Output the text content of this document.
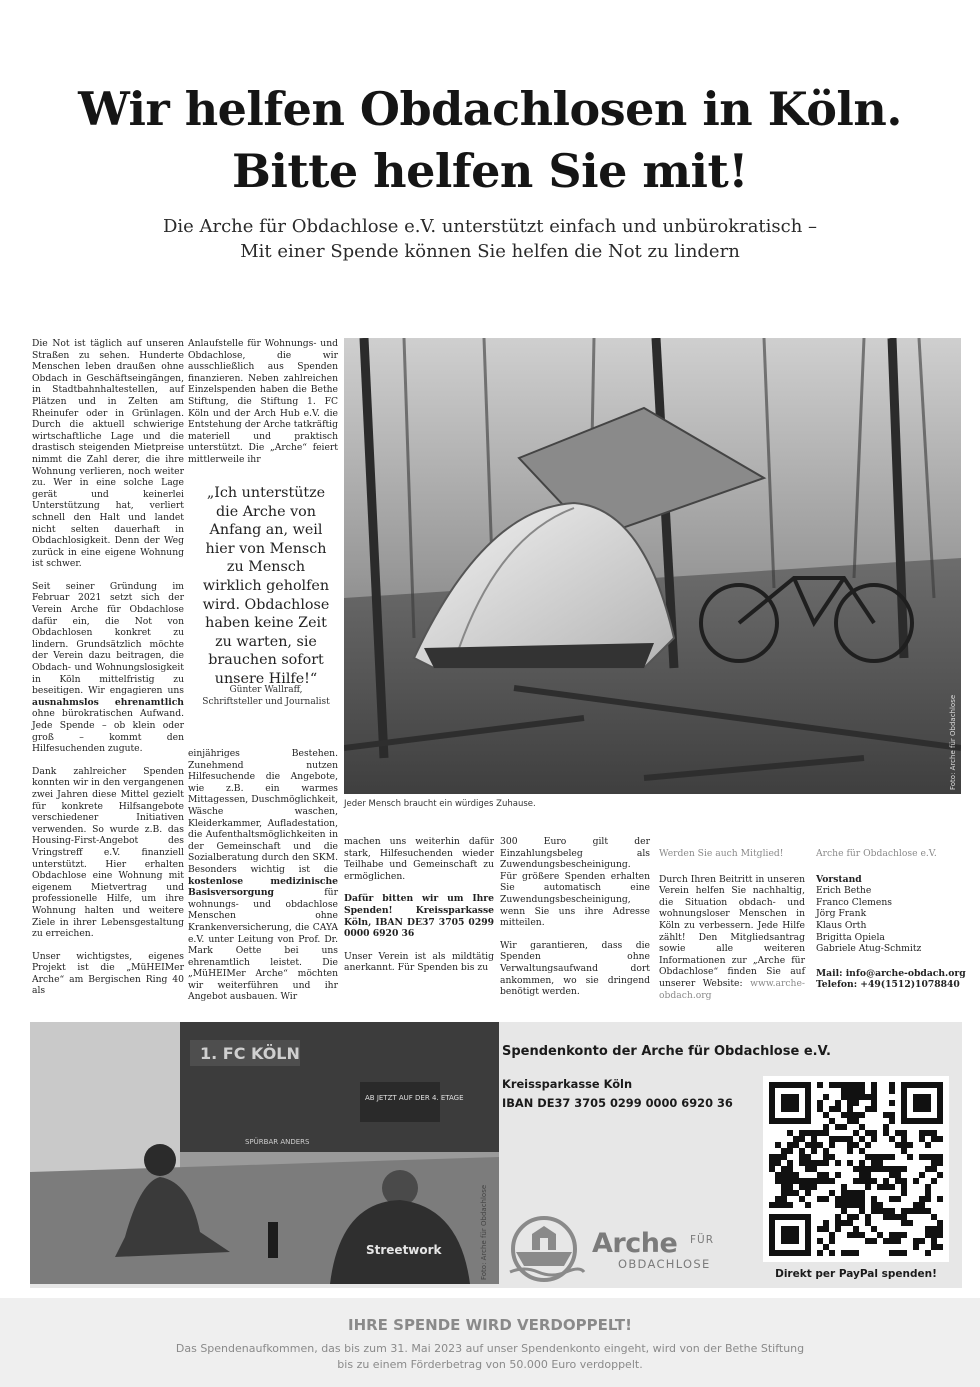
Wir helfen Obdachlosen in Köln.
Bitte helfen Sie mit!
Die Arche für Obdachlose e.V. unterstützt einfach und unbürokratisch –
Mit einer Spende können Sie helfen die Not zu lindern

Die Not ist täglich auf unseren Straßen zu sehen. Hunderte Menschen leben draußen ohne Obdach in Geschäftseingängen, in Stadtbahnhaltestellen, auf Plätzen und in Zelten am Rheinufer oder in Grünlagen. Durch die aktuell schwierige wirtschaftliche Lage und die drastisch steigenden Mietpreise nimmt die Zahl derer, die ihre Wohnung verlieren, noch weiter zu. Wer in eine solche Lage gerät und keinerlei Unterstützung hat, verliert schnell den Halt und landet nicht selten dauerhaft in Obdachlosigkeit. Denn der Weg zurück in eine eigene Wohnung ist schwer.

Seit seiner Gründung im Februar 2021 setzt sich der Verein Arche für Obdachlose dafür ein, die Not von Obdachlosen konkret zu lindern. Grundsätzlich möchte der Verein dazu beitragen, die Obdach- und Wohnungslosigkeit in Köln mittelfristig zu beseitigen. Wir engagieren uns ausnahmslos ehrenamtlich ohne bürokratischen Aufwand. Jede Spende – ob klein oder groß – kommt den Hilfesuchenden zugute.

Dank zahlreicher Spenden konnten wir in den vergangenen zwei Jahren diese Mittel gezielt für konkrete Hilfsangebote verschiedener Initiativen verwenden. So wurde z.B. das Housing-First-Angebot des Vringstreff e.V. finanziell unterstützt. Hier erhalten Obdachlose eine Wohnung mit eigenem Mietvertrag und professionelle Hilfe, um ihre Wohnung halten und weitere Ziele in ihrer Lebensgestaltung zu erreichen.

Unser wichtigstes, eigenes Projekt ist die „MüHEIMer Arche“ am Bergischen Ring 40 als

Anlaufstelle für Wohnungs- und Obdachlose, die wir ausschließlich aus Spenden finanzieren. Neben zahlreichen Einzelspenden haben die Bethe Stiftung, die Stiftung 1. FC Köln und der Arch Hub e.V. die Entstehung der Arche tatkräftig materiell und praktisch unterstützt. Die „Arche“ feiert mittlerweile ihr

„Ich unterstütze die Arche von Anfang an, weil hier von Mensch zu Mensch wirklich geholfen wird. Obdachlose haben keine Zeit zu warten, sie brauchen sofort unsere Hilfe!“
Günter Wallraff,
Schriftsteller und Journalist

einjähriges Bestehen. Zunehmend nutzen Hilfesuchende die Angebote, wie z.B. ein warmes Mittagessen, Duschmöglichkeit, Wäsche waschen, Kleiderkammer, Aufladestation, die Aufenthaltsmöglichkeiten in der Gemeinschaft und die Sozialberatung durch den SKM. Besonders wichtig ist die kostenlose medizinische Basisversorgung	für wohnungs- und obdachlose Menschen ohne Krankenversicherung, die CAYA e.V. unter Leitung von Prof. Dr. Mark Oette bei uns ehrenamtlich leistet. Die „MüHEIMer Arche“ möchten wir weiterführen und ihr Angebot ausbauen. Wir

Foto: Arche für Obdachlose
Jeder Mensch braucht ein würdiges Zuhause.

machen uns weiterhin dafür stark, Hilfesuchenden wieder Teilhabe und Gemeinschaft zu ermöglichen.

Dafür bitten wir um Ihre Spenden! Kreissparkasse Köln, IBAN DE37 3705 0299 0000 6920 36

Unser Verein ist als mildtätig anerkannt. Für Spenden bis zu

300 Euro gilt der Einzahlungsbeleg als Zuwendungsbescheinigung. Für größere Spenden erhalten Sie automatisch eine Zuwendungsbescheinigung, wenn Sie uns ihre Adresse mitteilen.

Wir garantieren, dass die Spenden ohne Verwaltungsaufwand dort ankommen, wo sie dringend benötigt werden.

Werden Sie auch Mitglied!

Durch Ihren Beitritt in unseren Verein helfen Sie nachhaltig, die Situation obdach- und wohnungsloser Menschen in Köln zu verbessern. Jede Hilfe zählt! Den Mitgliedsantrag sowie alle weiteren Informationen zur „Arche für Obdachlose“ finden Sie auf unserer Website: www.arche-obdach.org

Arche für Obdachlose e.V.
Vorstand
Erich Bethe
Franco Clemens
Jörg Frank
Klaus Orth
Brigitta Opiela
Gabriele Atug-Schmitz
Mail: info@arche-obdach.org
Telefon: +49(1512)1078840
1. FC KÖLN
AB JETZT AUF DER 4. ETAGE
SPÜRBAR ANDERS
Streetwork	Foto: Arche für Obdachlose
Spendenkonto der Arche für Obdachlose e.V.
Kreissparkasse Köln
IBAN DE37 3705 0299 0000 6920 36
Direkt per PayPal spenden!
Arche FÜR
OBDACHLOSE
IHRE SPENDE WIRD VERDOPPELT!
Das Spendenaufkommen, das bis zum 31. Mai 2023 auf unser Spendenkonto eingeht, wird von der Bethe Stiftung
bis zu einem Förderbetrag von 50.000 Euro verdoppelt.
